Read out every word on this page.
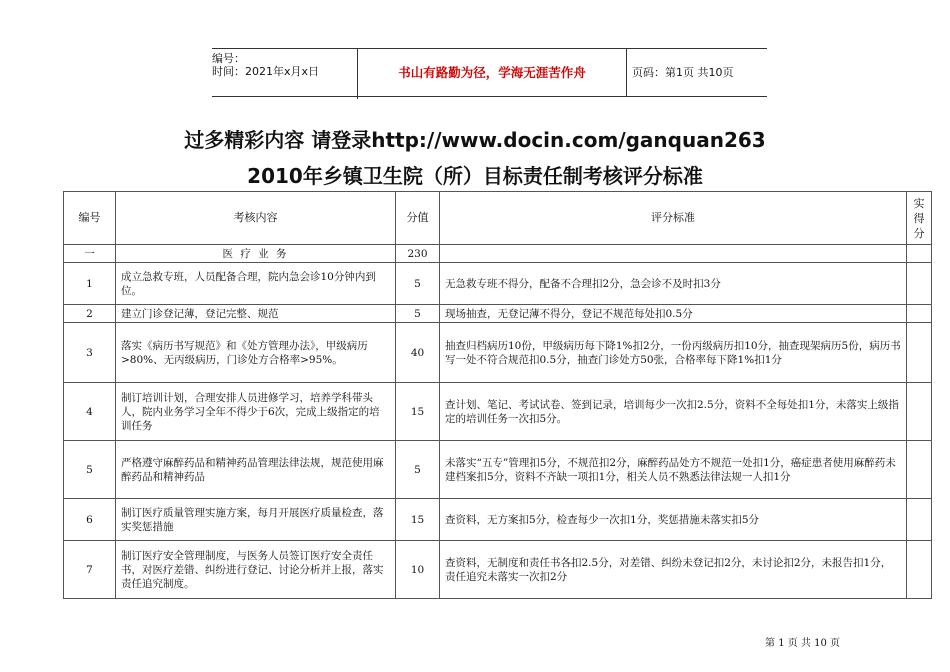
编号：
时间：2021年x月x日	书山有路勤为径，学海无涯苦作舟	页码：第1页 共10页
过多精彩内容 请登录http://www.docin.com/ganquan263
2010年乡镇卫生院（所）目标责任制考核评分标准
编号	考核内容	分值	评分标准	实得分
一	医 疗 业 务	230		
1	成立急救专班，人员配备合理，院内急会诊10分钟内到位。	5	无急救专班不得分，配备不合理扣2分，急会诊不及时扣3分	
2	建立门诊登记薄，登记完整、规范	5	现场抽查，无登记薄不得分，登记不规范每处扣0.5分	
3	落实《病历书写规范》和《处方管理办法》，甲级病历>80%、无丙级病历，门诊处方合格率>95%。	40	抽查归档病历10份，甲级病历每下降1%扣2分，一份丙级病历扣10分，抽查现架病历5份，病历书写一处不符合规范扣0.5分，抽查门诊处方50张，合格率每下降1%扣1分	
4	制订培训计划，合理安排人员进修学习，培养学科带头人，院内业务学习全年不得少于6次，完成上级指定的培训任务	15	查计划、笔记、考试试卷、签到记录，培训每少一次扣2.5分，资料不全每处扣1分，未落实上级指定的培训任务一次扣5分。	
5	严格遵守麻醉药品和精神药品管理法律法规，规范使用麻醉药品和精神药品	5	未落实“五专”管理扣5分，不规范扣2分，麻醉药品处方不规范一处扣1分，癌症患者使用麻醉药未建档案扣5分，资料不齐缺一项扣1分，相关人员不熟悉法律法规一人扣1分	
6	制订医疗质量管理实施方案，每月开展医疗质量检查，落实奖惩措施	15	查资料，无方案扣5分，检查每少一次扣1分，奖惩措施未落实扣5分	
7	制订医疗安全管理制度，与医务人员签订医疗安全责任书，对医疗差错、纠纷进行登记、讨论分析并上报，落实责任追究制度。	10	查资料，无制度和责任书各扣2.5分，对差错、纠纷未登记扣2分，未讨论扣2分，未报告扣1分，责任追究未落实一次扣2分	
第 1 页 共 10 页
